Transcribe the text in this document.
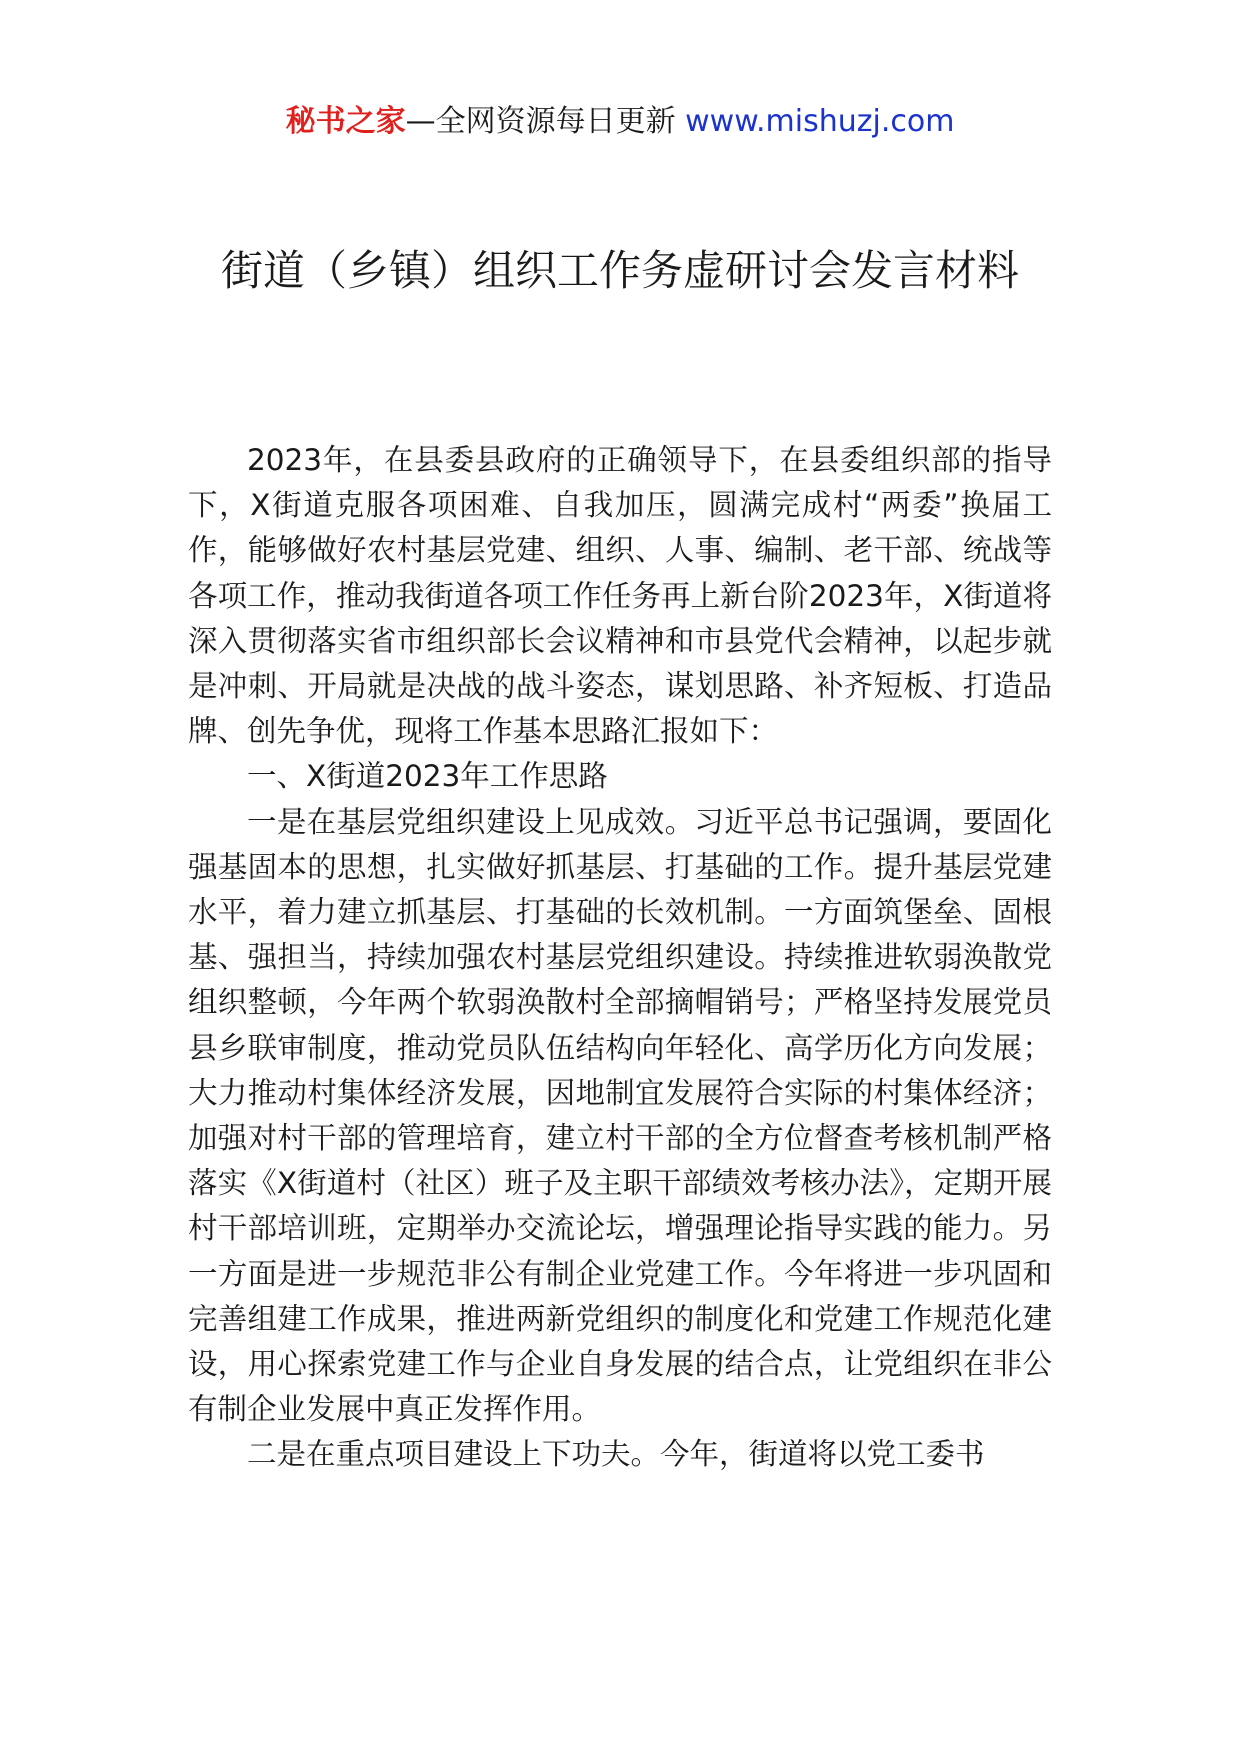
秘书之家—全网资源每日更新 www.mishuzj.com
街道（乡镇）组织工作务虚研讨会发言材料

2023年，在县委县政府的正确领导下，在县委组织部的指导下，X街道克服各项困难、自我加压，圆满完成村“两委”换届工作，能够做好农村基层党建、组织、人事、编制、老干部、统战等各项工作，推动我街道各项工作任务再上新台阶2023年，X街道将深入贯彻落实省市组织部长会议精神和市县党代会精神，以起步就是冲刺、开局就是决战的战斗姿态，谋划思路、补齐短板、打造品牌、创先争优，现将工作基本思路汇报如下：

一、X街道2023年工作思路

一是在基层党组织建设上见成效。习近平总书记强调，要固化强基固本的思想，扎实做好抓基层、打基础的工作。提升基层党建水平，着力建立抓基层、打基础的长效机制。一方面筑堡垒、固根基、强担当，持续加强农村基层党组织建设。持续推进软弱涣散党组织整顿，今年两个软弱涣散村全部摘帽销号；严格坚持发展党员县乡联审制度，推动党员队伍结构向年轻化、高学历化方向发展；大力推动村集体经济发展，因地制宜发展符合实际的村集体经济；加强对村干部的管理培育，建立村干部的全方位督查考核机制严格落实《X街道村（社区）班子及主职干部绩效考核办法》，定期开展村干部培训班，定期举办交流论坛，增强理论指导实践的能力。另一方面是进一步规范非公有制企业党建工作。今年将进一步巩固和完善组建工作成果，推进两新党组织的制度化和党建工作规范化建设，用心探索党建工作与企业自身发展的结合点，让党组织在非公有制企业发展中真正发挥作用。

二是在重点项目建设上下功夫。今年，街道将以党工委书
